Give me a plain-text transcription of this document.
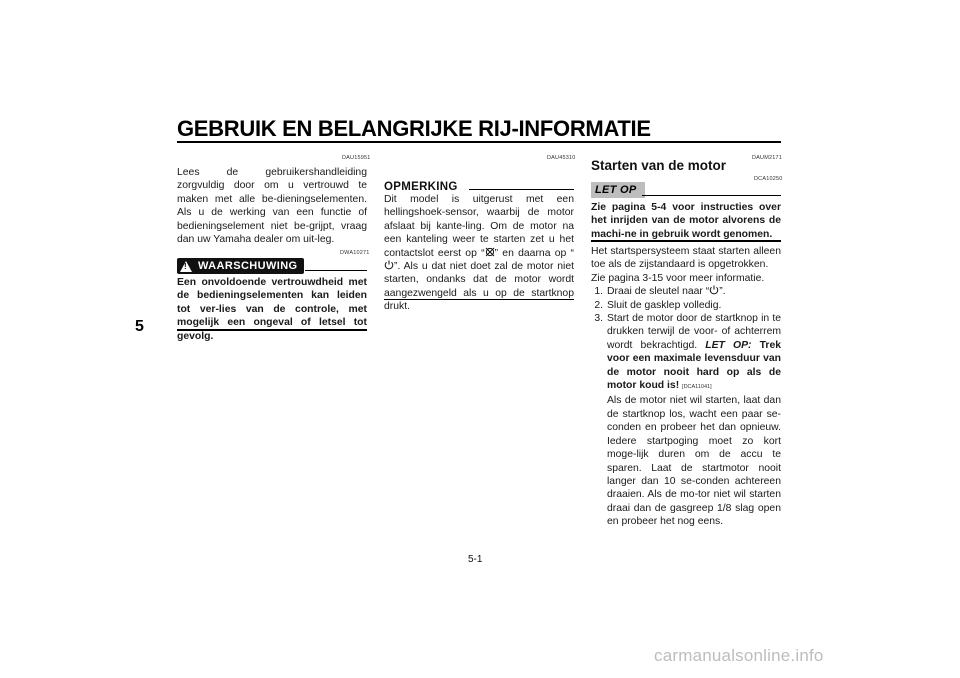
GEBRUIK EN BELANGRIJKE RIJ-INFORMATIE
5
DAU15951
Lees de gebruikershandleiding zorgvuldig door om u vertrouwd te maken met alle be-dieningselementen. Als u de werking van een functie of bedieningselement niet be-grijpt, vraag dan uw Yamaha dealer om uit-leg.
DWA10271
! WAARSCHUWING
Een onvoldoende vertrouwdheid met de bedieningselementen kan leiden tot ver-lies van de controle, met mogelijk een ongeval of letsel tot gevolg.
DAU45310
OPMERKING
Dit model is uitgerust met een hellingshoek-sensor, waarbij de motor afslaat bij kante-ling. Om de motor na een kanteling weer te starten zet u het contactslot eerst op “ ” en daarna op “”. Als u dat niet doet zal de motor niet starten, ondanks dat de motor wordt aangezwengeld als u op de startknop drukt.
DAUM2171
Starten van de motor
DCA10250
LET OP
Zie pagina 5-4 voor instructies over het inrijden van de motor alvorens de machi-ne in gebruik wordt genomen.
Het startspersysteem staat starten alleen toe als de zijstandaard is opgetrokken.
Zie pagina 3-15 voor meer informatie.
1. Draai de sleutel naar “ ”.
2. Sluit de gasklep volledig.
3. Start de motor door de startknop in te drukken terwijl de voor- of achterrem wordt bekrachtigd. LET OP: Trek voor een maximale levensduur van de motor nooit hard op als de motor koud is! [DCA11041]
Als de motor niet wil starten, laat dan de startknop los, wacht een paar se-conden en probeer het dan opnieuw. Iedere startpoging moet zo kort moge-lijk duren om de accu te sparen. Laat de startmotor nooit langer dan 10 se-conden achtereen draaien. Als de mo-tor niet wil starten draai dan de gasgreep 1/8 slag open en probeer het nog eens.
5-1
carmanualsonline.info
